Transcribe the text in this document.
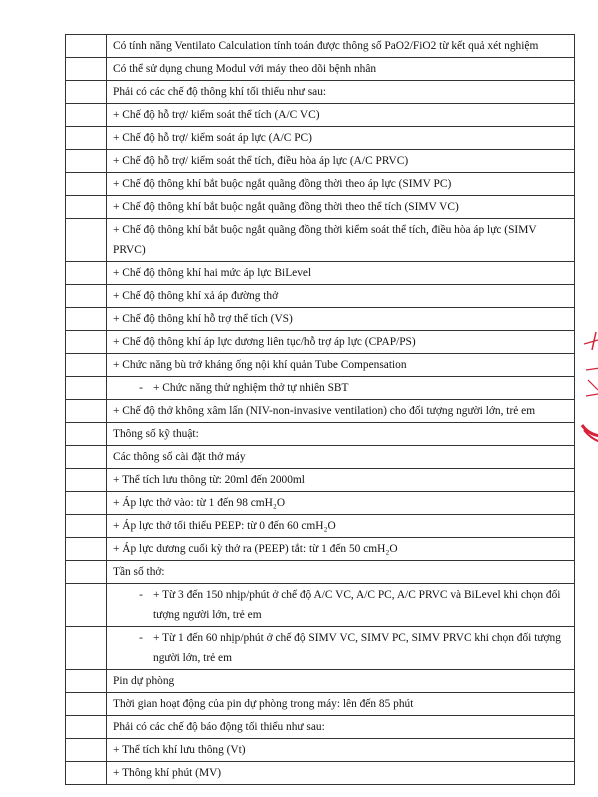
	Có tính năng Ventilato Calculation tính toán được thông số PaO2/FiO2 từ kết quả xét nghiệm
	Có thể sử dụng chung Modul với máy theo dõi bệnh nhân
	Phải có các chế độ thông khí tối thiểu như sau:
	+ Chế độ hỗ trợ/ kiểm soát thể tích (A/C VC)
	+ Chế độ hỗ trợ/ kiểm soát áp lực (A/C PC)
	+ Chế độ hỗ trợ/ kiểm soát thể tích, điều hòa áp lực (A/C PRVC)
	+ Chế độ thông khí bắt buộc ngắt quãng đồng thời theo áp lực (SIMV PC)
	+ Chế độ thông khí bắt buộc ngắt quãng đồng thời theo thể tích (SIMV VC)
	+ Chế độ thông khí bắt buộc ngắt quãng đồng thời kiểm soát thể tích, điều hòa áp lực (SIMV PRVC)
	+ Chế độ thông khí hai mức áp lực BiLevel
	+ Chế độ thông khí xả áp đường thở
	+ Chế độ thông khí hỗ trợ thể tích (VS)
	+ Chế độ thông khí áp lực dương liên tục/hỗ trợ áp lực (CPAP/PS)
	+ Chức năng bù trở kháng ống nội khí quản Tube Compensation

	- + Chức năng thử nghiệm thở tự nhiên SBT

	+ Chế độ thở không xâm lấn (NIV-non-invasive ventilation) cho đối tượng người lớn, trẻ em
	Thông số kỹ thuật:
	Các thông số cài đặt thở máy
	+ Thể tích lưu thông từ: 20ml đến 2000ml
	+ Áp lực thở vào: từ 1 đến 98 cmH₂O
	+ Áp lực thở tối thiểu PEEP: từ 0 đến 60 cmH₂O
	+ Áp lực dương cuối kỳ thở ra (PEEP) tắt: từ 1 đến 50 cmH₂O
	Tần số thở:

	- + Từ 3 đến 150 nhịp/phút ở chế độ A/C VC, A/C PC, A/C PRVC và BiLevel khi chọn đối tượng người lớn, trẻ em

	- + Từ 1 đến 60 nhịp/phút ở chế độ SIMV VC, SIMV PC, SIMV PRVC khi chọn đối tượng người lớn, trẻ em

	Pin dự phòng
	Thời gian hoạt động của pin dự phòng trong máy: lên đến 85 phút
	Phải có các chế độ báo động tối thiểu như sau:
	+ Thể tích khí lưu thông (Vt)
	+ Thông khí phút (MV)
